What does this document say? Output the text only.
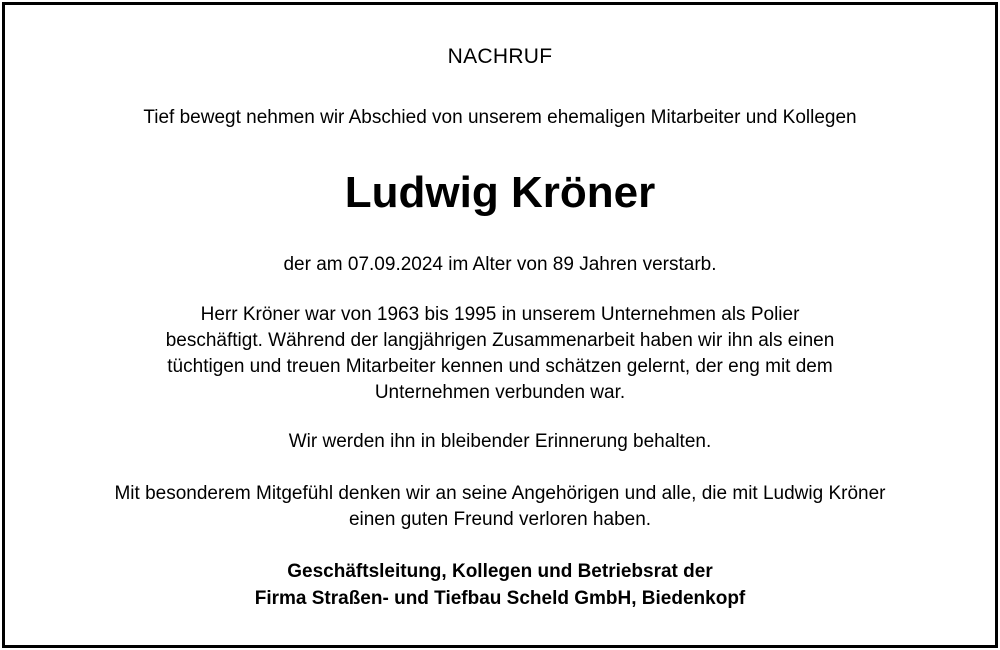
NACHRUF

Tief bewegt nehmen wir Abschied von unserem ehemaligen Mitarbeiter und Kollegen

Ludwig Kröner

der am 07.09.2024 im Alter von 89 Jahren verstarb.

Herr Kröner war von 1963 bis 1995 in unserem Unternehmen als Polier
beschäftigt. Während der langjährigen Zusammenarbeit haben wir ihn als einen
tüchtigen und treuen Mitarbeiter kennen und schätzen gelernt, der eng mit dem
Unternehmen verbunden war.
Wir werden ihn in bleibender Erinnerung behalten.
Mit besonderem Mitgefühl denken wir an seine Angehörigen und alle, die mit Ludwig Kröner
einen guten Freund verloren haben.
Geschäftsleitung, Kollegen und Betriebsrat der
Firma Straßen- und Tiefbau Scheld GmbH, Biedenkopf
